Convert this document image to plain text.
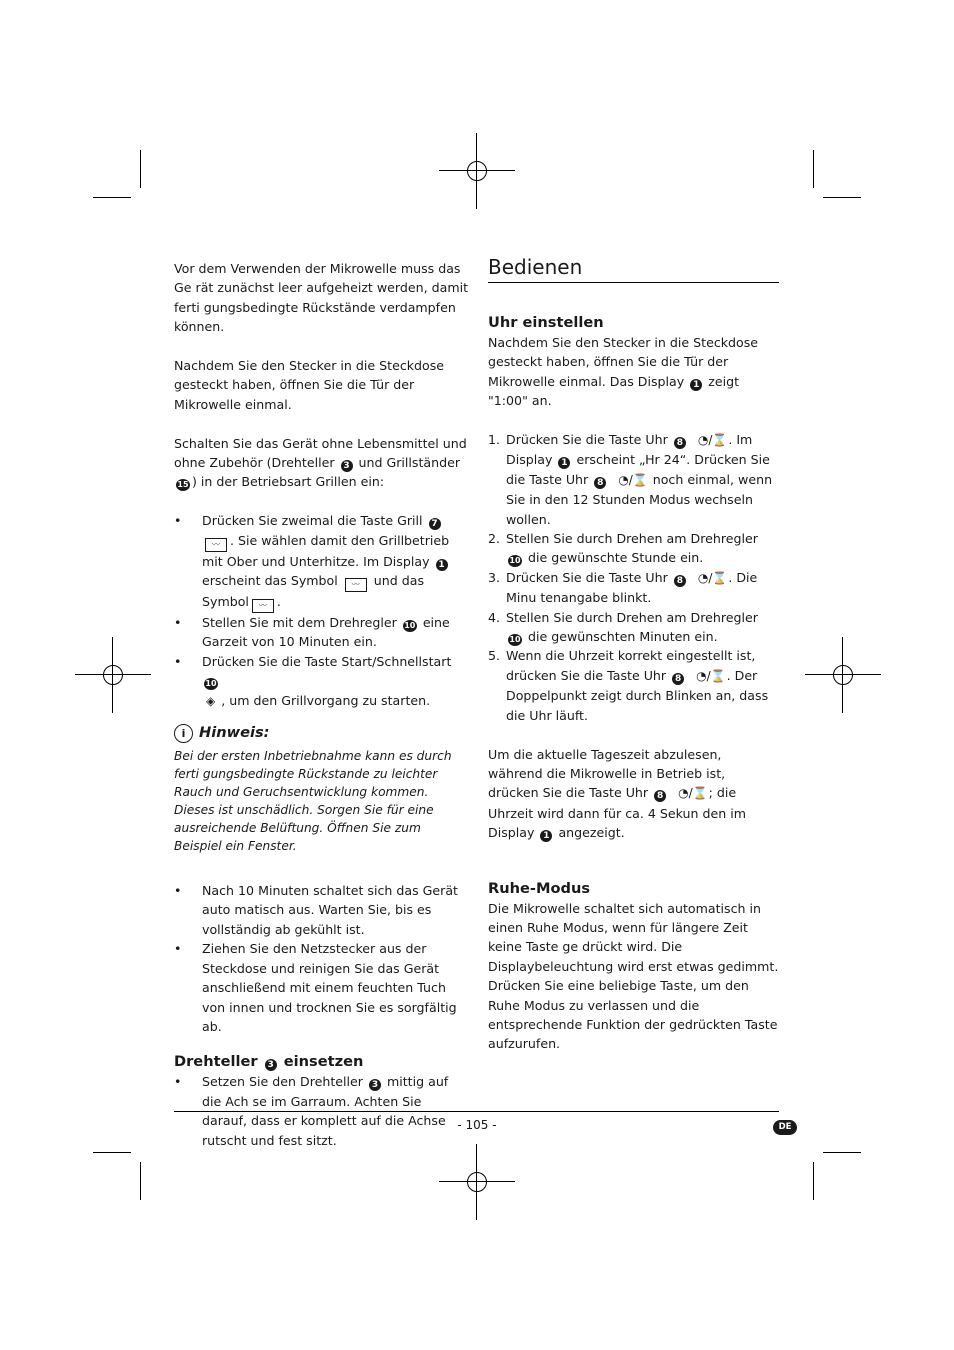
Vor dem Verwenden der Mikrowelle muss das Ge rät zunächst leer aufgeheizt werden, damit ferti gungsbedingte Rückstände verdampfen können.

Nachdem Sie den Stecker in die Steckdose gesteckt haben, öffnen Sie die Tür der Mikrowelle einmal.

Schalten Sie das Gerät ohne Lebensmittel und ohne Zubehör (Drehteller 3 und Grillständer 15 ) in der Betriebsart Grillen ein:

• Drücken Sie zweimal die Taste Grill 7 〰 . Sie wählen damit den Grillbetrieb mit Ober und Unterhitze. Im Display 1 erscheint das Symbol 〰 und das Symbol 〰 .
• Stellen Sie mit dem Drehregler 10 eine Garzeit von 10 Minuten ein.
• Drücken Sie die Taste Start/Schnellstart 10
◈ , um den Grillvorgang zu starten.
i Hinweis:

Bei der ersten Inbetriebnahme kann es durch ferti gungsbedingte Rückstande zu leichter Rauch und Geruchsentwicklung kommen. Dieses ist unschädlich. Sorgen Sie für eine ausreichende Belüftung. Öffnen Sie zum Beispiel ein Fenster.

• Nach 10 Minuten schaltet sich das Gerät auto matisch aus. Warten Sie, bis es vollständig ab gekühlt ist.
• Ziehen Sie den Netzstecker aus der Steckdose und reinigen Sie das Gerät anschließend mit einem feuchten Tuch von innen und trocknen Sie es sorgfältig ab.

Drehteller 3 einsetzen

• Setzen Sie den Drehteller 3 mittig auf die Ach se im Garraum. Achten Sie darauf, dass er komplett auf die Achse rutscht und fest sitzt.
Bedienen

Uhr einstellen

Nachdem Sie den Stecker in die Steckdose gesteckt haben, öffnen Sie die Tür der Mikrowelle einmal. Das Display 1 zeigt "1:00" an.

1. Drücken Sie die Taste Uhr 8 ◔/⌛. Im Display 1 erscheint „Hr 24“. Drücken Sie die Taste Uhr 8 ◔/⌛ noch einmal, wenn Sie in den 12 Stunden Modus wechseln wollen.
2. Stellen Sie durch Drehen am Drehregler 10 die gewünschte Stunde ein.
3. Drücken Sie die Taste Uhr 8 ◔/⌛. Die Minu tenangabe blinkt.
4. Stellen Sie durch Drehen am Drehregler 10 die gewünschten Minuten ein.
5. Wenn die Uhrzeit korrekt eingestellt ist, drücken Sie die Taste Uhr 8 ◔/⌛. Der Doppelpunkt zeigt durch Blinken an, dass die Uhr läuft.

Um die aktuelle Tageszeit abzulesen, während die Mikrowelle in Betrieb ist, drücken Sie die Taste Uhr 8 ◔/⌛; die Uhrzeit wird dann für ca. 4 Sekun den im Display 1 angezeigt.

Ruhe-Modus

Die Mikrowelle schaltet sich automatisch in einen Ruhe Modus, wenn für längere Zeit keine Taste ge drückt wird. Die Displaybeleuchtung wird erst etwas gedimmt. Drücken Sie eine beliebige Taste, um den Ruhe Modus zu verlassen und die entsprechende Funktion der gedrückten Taste aufzurufen.

- 105 -	DE
